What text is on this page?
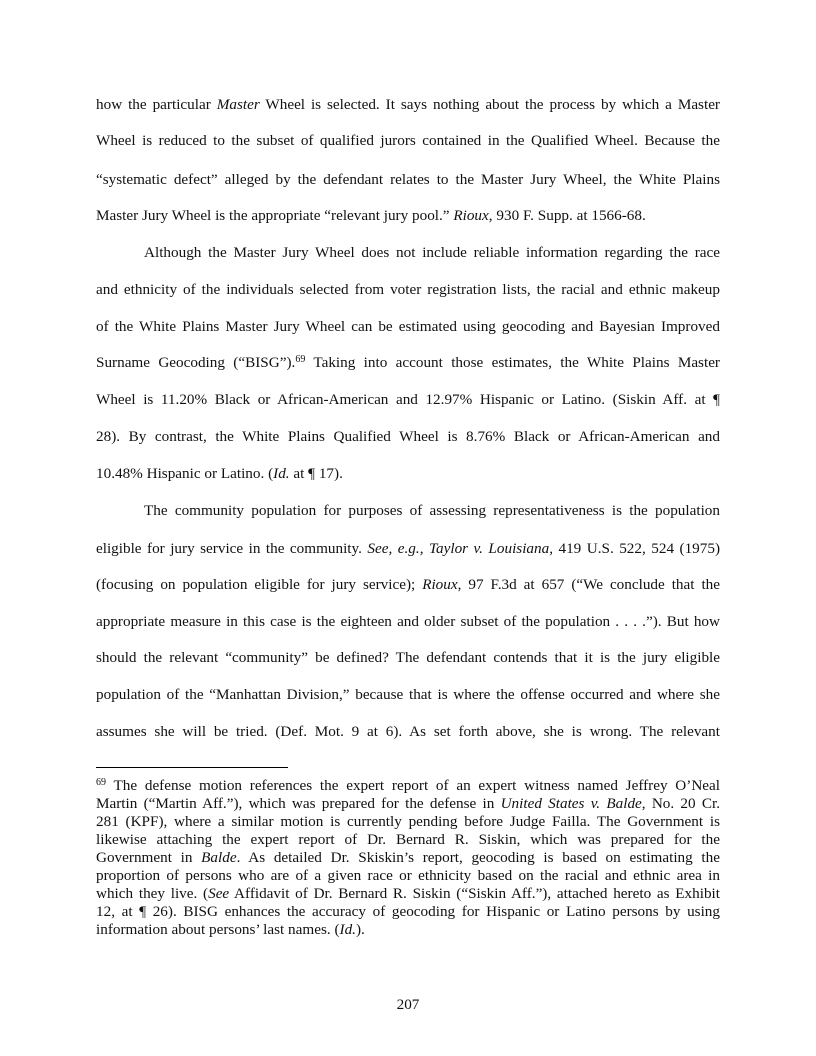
how the particular Master Wheel is selected. It says nothing about the process by which a Master
Wheel is reduced to the subset of qualified jurors contained in the Qualified Wheel. Because the
“systematic defect” alleged by the defendant relates to the Master Jury Wheel, the White Plains
Master Jury Wheel is the appropriate “relevant jury pool.” Rioux, 930 F. Supp. at 1566-68.
Although the Master Jury Wheel does not include reliable information regarding the race
and ethnicity of the individuals selected from voter registration lists, the racial and ethnic makeup
of the White Plains Master Jury Wheel can be estimated using geocoding and Bayesian Improved
Surname Geocoding (“BISG”).$^{69}$ Taking into account those estimates, the White Plains Master
Wheel is 11.20% Black or African-American and 12.97% Hispanic or Latino. (Siskin Aff. at ¶
28). By contrast, the White Plains Qualified Wheel is 8.76% Black or African-American and
10.48% Hispanic or Latino. (Id. at ¶ 17).
The community population for purposes of assessing representativeness is the population
eligible for jury service in the community. See, e.g., Taylor v. Louisiana, 419 U.S. 522, 524 (1975)
(focusing on population eligible for jury service); Rioux, 97 F.3d at 657 (“We conclude that the
appropriate measure in this case is the eighteen and older subset of the population . . . .”). But how
should the relevant “community” be defined? The defendant contends that it is the jury eligible
population of the “Manhattan Division,” because that is where the offense occurred and where she
assumes she will be tried. (Def. Mot. 9 at 6). As set forth above, she is wrong. The relevant
$^{69}$ The defense motion references the expert report of an expert witness named Jeffrey O’Neal
Martin (“Martin Aff.”), which was prepared for the defense in United States v. Balde, No. 20 Cr.
281 (KPF), where a similar motion is currently pending before Judge Failla. The Government is
likewise attaching the expert report of Dr. Bernard R. Siskin, which was prepared for the
Government in Balde. As detailed Dr. Skiskin’s report, geocoding is based on estimating the
proportion of persons who are of a given race or ethnicity based on the racial and ethnic area in
which they live. (See Affidavit of Dr. Bernard R. Siskin (“Siskin Aff.”), attached hereto as Exhibit
12, at ¶ 26). BISG enhances the accuracy of geocoding for Hispanic or Latino persons by using
information about persons’ last names. (Id.).
207
